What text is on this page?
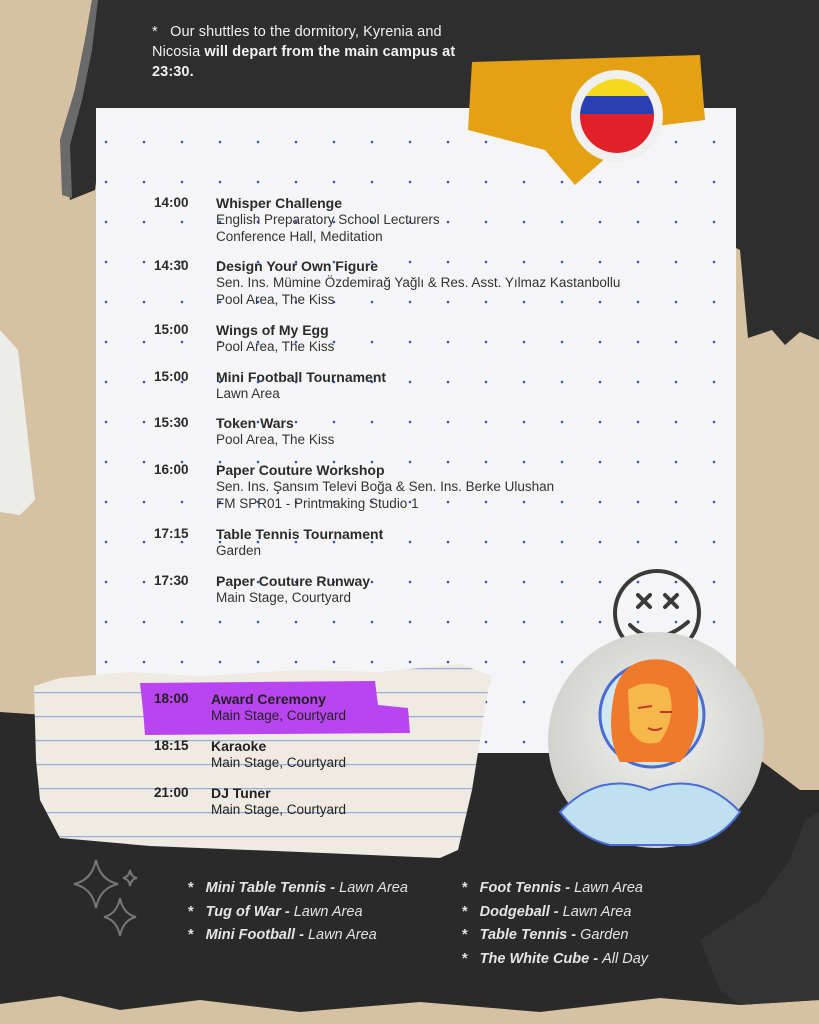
* Our shuttles to the dormitory, Kyrenia and Nicosia will depart from the main campus at 23:30.
14:00	Whisper Challenge
English Preparatory School Lecturers
Conference Hall, Meditation
14:30	Design Your Own Figure
Sen. Ins. Mümine Özdemirağ Yağlı & Res. Asst. Yılmaz Kastanbollu
Pool Area, The Kiss
15:00	Wings of My Egg
Pool Area, The Kiss
15:00	Mini Football Tournament
Lawn Area
15:30	Token Wars
Pool Area, The Kiss
16:00	Paper Couture Workshop
Sen. Ins. Şansım Televi Boğa & Sen. Ins. Berke Ulushan
FM SPR01 - Printmaking Studio 1
17:15	Table Tennis Tournament
Garden
17:30	Paper Couture Runway
Main Stage, Courtyard
18:00 Award Ceremony
Main Stage, Courtyard
18:15 Karaoke
Main Stage, Courtyard
21:00 DJ Tuner
Main Stage, Courtyard
* Mini Table Tennis - Lawn Area
* Tug of War - Lawn Area
* Mini Football - Lawn Area
* Foot Tennis - Lawn Area
* Dodgeball - Lawn Area
* Table Tennis - Garden
* The White Cube - All Day
